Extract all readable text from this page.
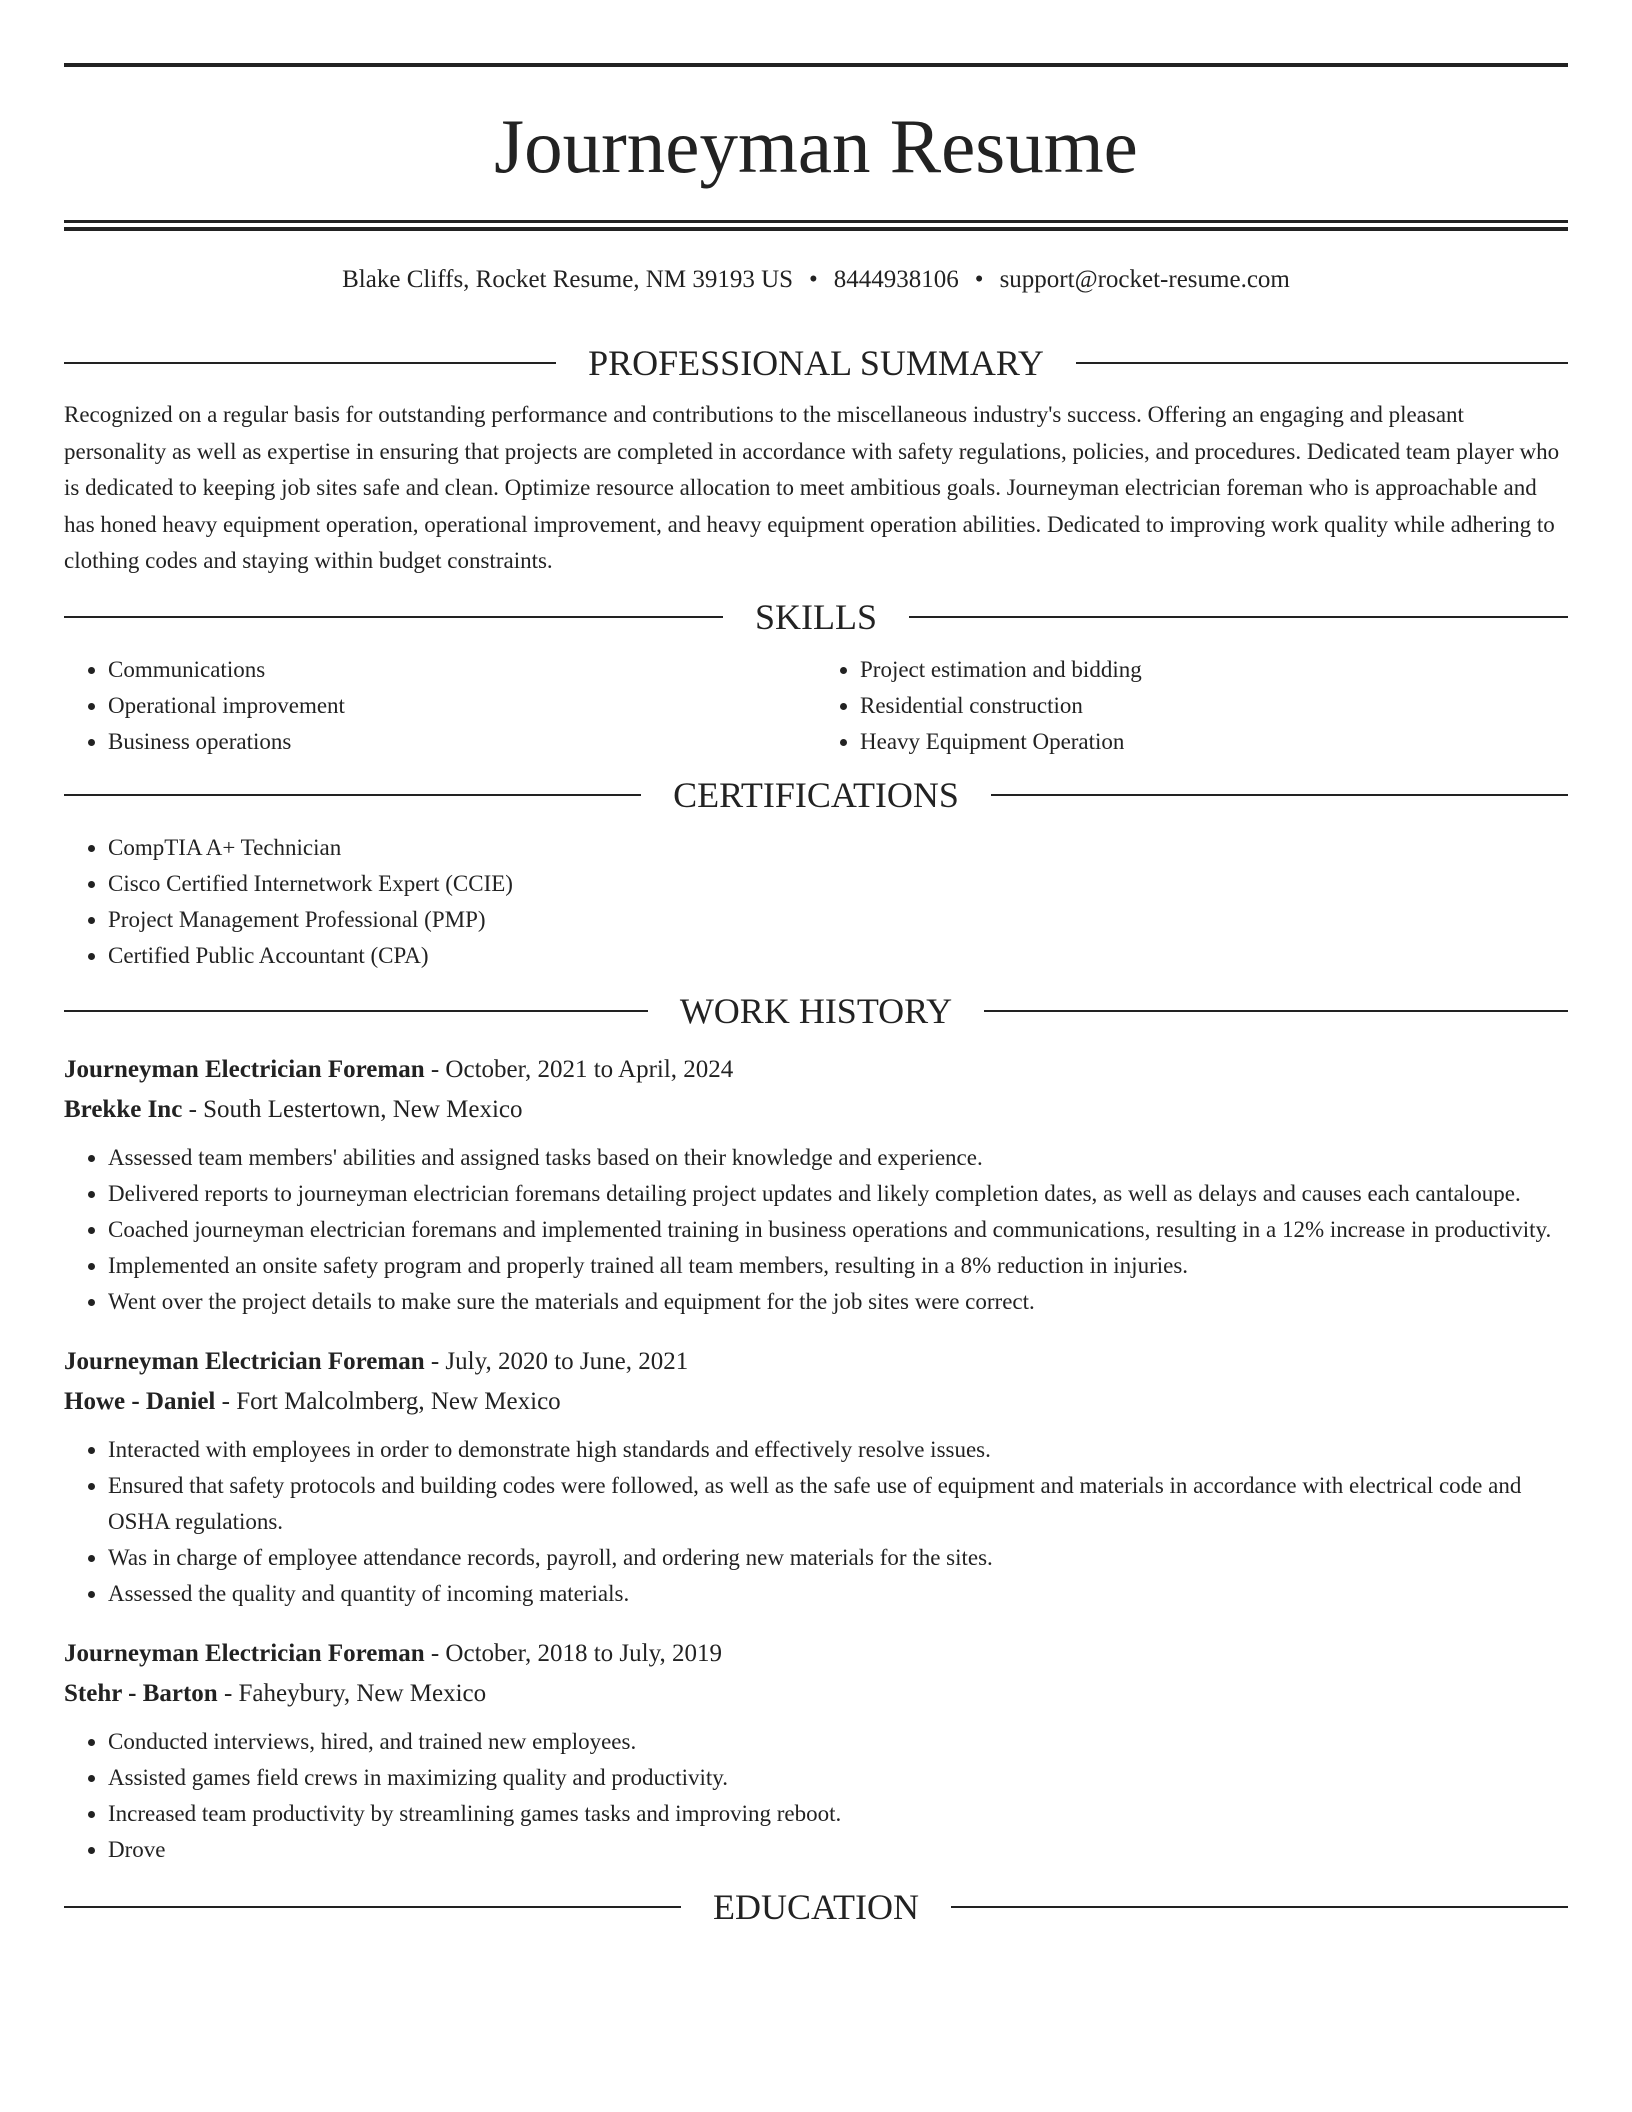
Journeyman Resume
Blake Cliffs, Rocket Resume, NM 39193 US • 8444938106 • support@rocket-resume.com
PROFESSIONAL SUMMARY

Recognized on a regular basis for outstanding performance and contributions to the miscellaneous industry's success. Offering an engaging and pleasant personality as well as expertise in ensuring that projects are completed in accordance with safety regulations, policies, and procedures. Dedicated team player who is dedicated to keeping job sites safe and clean. Optimize resource allocation to meet ambitious goals. Journeyman electrician foreman who is approachable and has honed heavy equipment operation, operational improvement, and heavy equipment operation abilities. Dedicated to improving work quality while adhering to clothing codes and staying within budget constraints.

SKILLS
• Communications
• Operational improvement
• Business operations
• Project estimation and bidding
• Residential construction
• Heavy Equipment Operation
CERTIFICATIONS
• CompTIA A+ Technician
• Cisco Certified Internetwork Expert (CCIE)
• Project Management Professional (PMP)
• Certified Public Accountant (CPA)
WORK HISTORY
Journeyman Electrician Foreman - October, 2021 to April, 2024
Brekke Inc - South Lestertown, New Mexico
• Assessed team members' abilities and assigned tasks based on their knowledge and experience.
• Delivered reports to journeyman electrician foremans detailing project updates and likely completion dates, as well as delays and causes each cantaloupe.
• Coached journeyman electrician foremans and implemented training in business operations and communications, resulting in a 12% increase in productivity.
• Implemented an onsite safety program and properly trained all team members, resulting in a 8% reduction in injuries.
• Went over the project details to make sure the materials and equipment for the job sites were correct.
Journeyman Electrician Foreman - July, 2020 to June, 2021
Howe - Daniel - Fort Malcolmberg, New Mexico
• Interacted with employees in order to demonstrate high standards and effectively resolve issues.
• Ensured that safety protocols and building codes were followed, as well as the safe use of equipment and materials in accordance with electrical code and OSHA regulations.
• Was in charge of employee attendance records, payroll, and ordering new materials for the sites.
• Assessed the quality and quantity of incoming materials.
Journeyman Electrician Foreman - October, 2018 to July, 2019
Stehr - Barton - Faheybury, New Mexico
• Conducted interviews, hired, and trained new employees.
• Assisted games field crews in maximizing quality and productivity.
• Increased team productivity by streamlining games tasks and improving reboot.
• Drove
EDUCATION
